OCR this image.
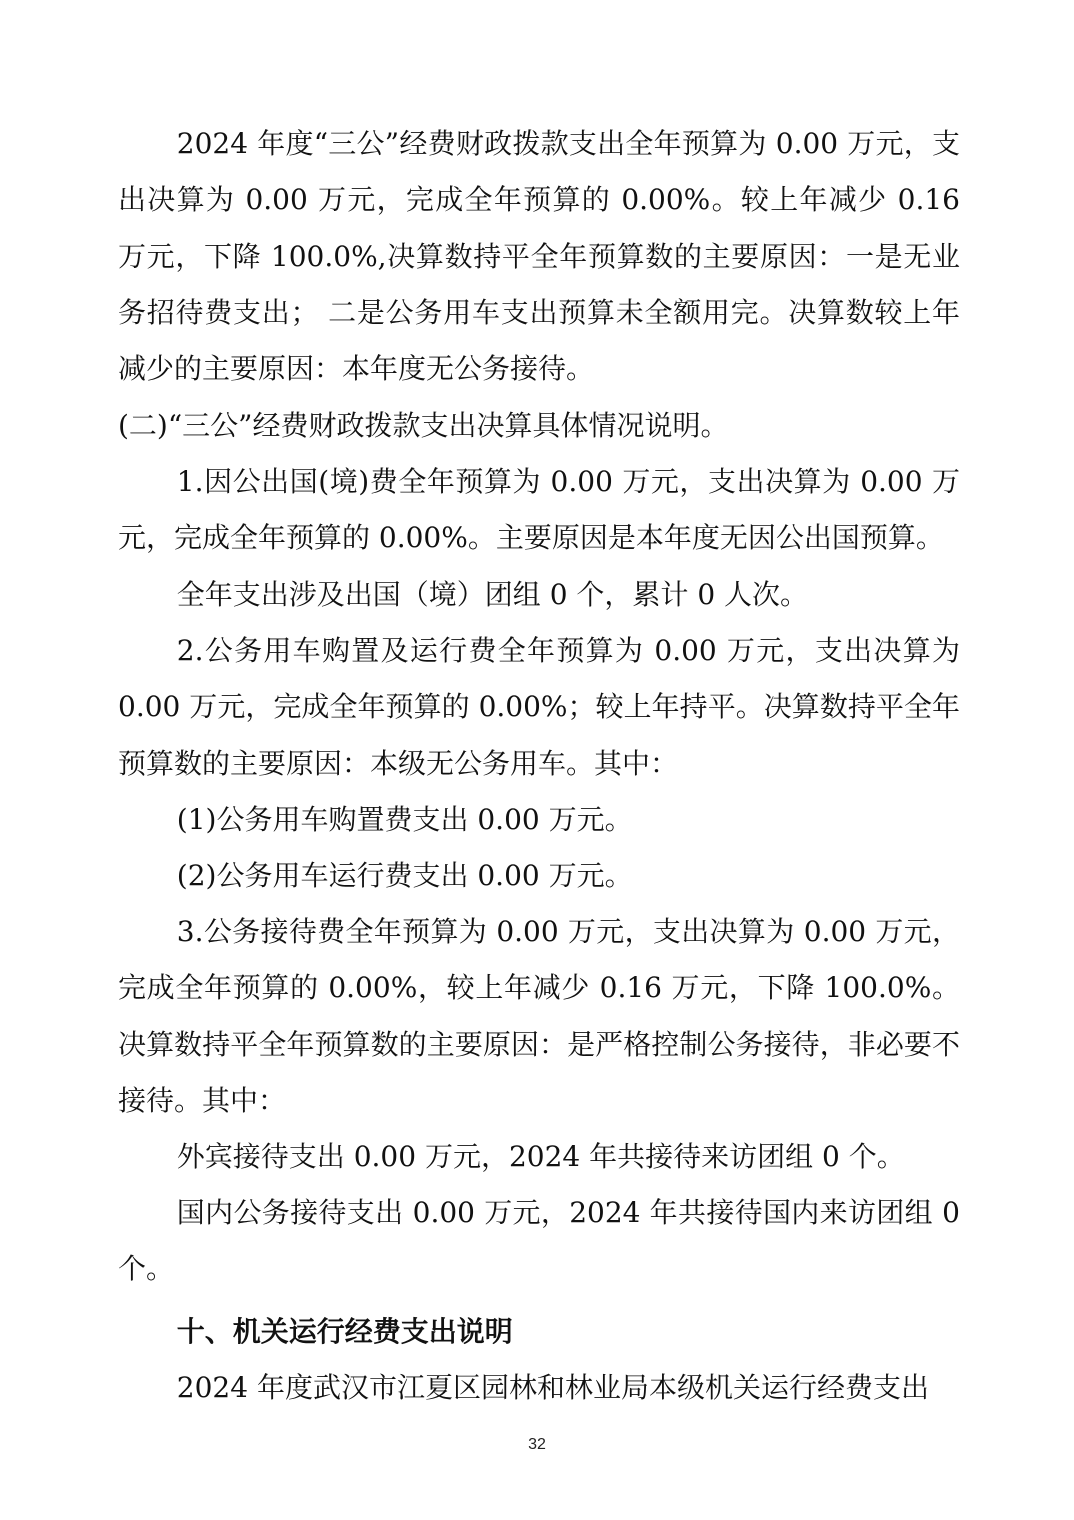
2024 年度“三公”经费财政拨款支出全年预算为 0.00 万元，支出决算为 0.00 万元，完成全年预算的 0.00%。较上年减少 0.16 万元，下降 100.0%,决算数持平全年预算数的主要原因：一是无业务招待费支出； 二是公务用车支出预算未全额用完。决算数较上年减少的主要原因：本年度无公务接待。

(二)“三公”经费财政拨款支出决算具体情况说明。

1.因公出国(境)费全年预算为 0.00 万元，支出决算为 0.00 万元，完成全年预算的 0.00%。主要原因是本年度无因公出国预算。

全年支出涉及出国（境）团组 0 个，累计 0 人次。

2.公务用车购置及运行费全年预算为 0.00 万元，支出决算为 0.00 万元，完成全年预算的 0.00%；较上年持平。决算数持平全年预算数的主要原因：本级无公务用车。其中：

(1)公务用车购置费支出 0.00 万元。

(2)公务用车运行费支出 0.00 万元。

3.公务接待费全年预算为 0.00 万元，支出决算为 0.00 万元，完成全年预算的 0.00%，较上年减少 0.16 万元，下降 100.0%。决算数持平全年预算数的主要原因：是严格控制公务接待，非必要不接待。其中：

外宾接待支出 0.00 万元，2024 年共接待来访团组 0 个。

国内公务接待支出 0.00 万元，2024 年共接待国内来访团组 0 个。

十、机关运行经费支出说明

2024 年度武汉市江夏区园林和林业局本级机关运行经费支出

32
